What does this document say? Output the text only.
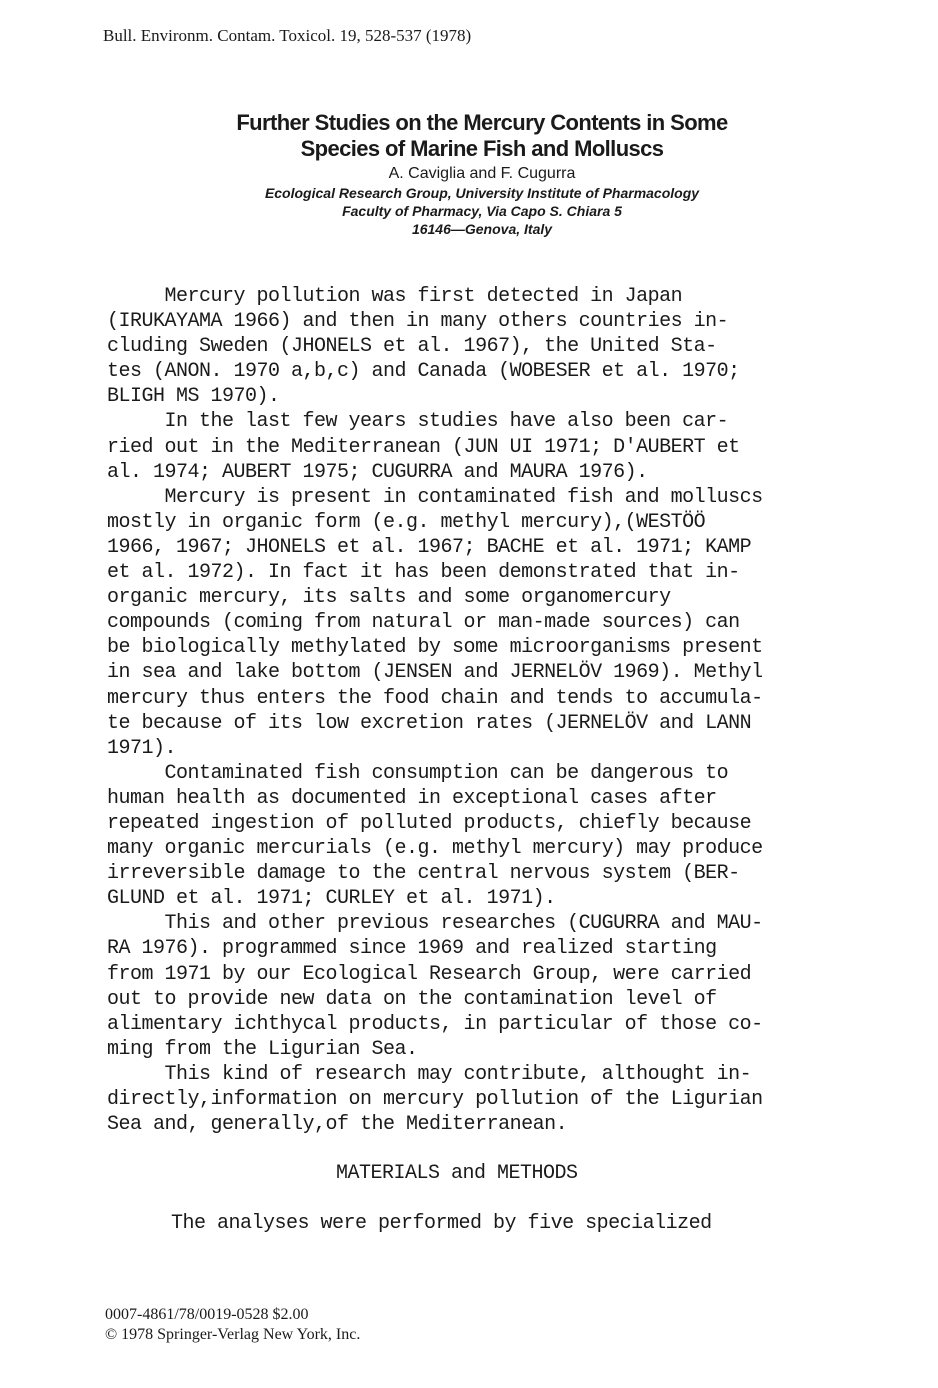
Bull. Environm. Contam. Toxicol. 19, 528-537 (1978)
Further Studies on the Mercury Contents in Some
Species of Marine Fish and Molluscs
A. Caviglia and F. Cugurra
Ecological Research Group, University Institute of Pharmacology
Faculty of Pharmacy, Via Capo S. Chiara 5
16146—Genova, Italy
Mercury pollution was first detected in Japan
(IRUKAYAMA 1966) and then in many others countries in-
cluding Sweden (JHONELS et al. 1967), the United Sta-
tes (ANON. 1970 a,b,c) and Canada (WOBESER et al. 1970;
BLIGH MS 1970).
In the last few years studies have also been car-
ried out in the Mediterranean (JUN UI 1971; D'AUBERT et
al. 1974; AUBERT 1975; CUGURRA and MAURA 1976).
Mercury is present in contaminated fish and molluscs
mostly in organic form (e.g. methyl mercury),(WESTÖÖ
1966, 1967; JHONELS et al. 1967; BACHE et al. 1971; KAMP
et al. 1972). In fact it has been demonstrated that in-
organic mercury, its salts and some organomercury
compounds (coming from natural or man-made sources) can
be biologically methylated by some microorganisms present
in sea and lake bottom (JENSEN and JERNELÖV 1969). Methyl
mercury thus enters the food chain and tends to accumula-
te because of its low excretion rates (JERNELÖV and LANN
1971).
Contaminated fish consumption can be dangerous to
human health as documented in exceptional cases after
repeated ingestion of polluted products, chiefly because
many organic mercurials (e.g. methyl mercury) may produce
irreversible damage to the central nervous system (BER-
GLUND et al. 1971; CURLEY et al. 1971).
This and other previous researches (CUGURRA and MAU-
RA 1976). programmed since 1969 and realized starting
from 1971 by our Ecological Research Group, were carried
out to provide new data on the contamination level of
alimentary ichthycal products, in particular of those co-
ming from the Ligurian Sea.
This kind of research may contribute, althought in-
directly,information on mercury pollution of the Ligurian
Sea and, generally,of the Mediterranean.
MATERIALS and METHODS
The analyses were performed by five specialized
0007-4861/78/0019-0528 $2.00
© 1978 Springer-Verlag New York, Inc.
